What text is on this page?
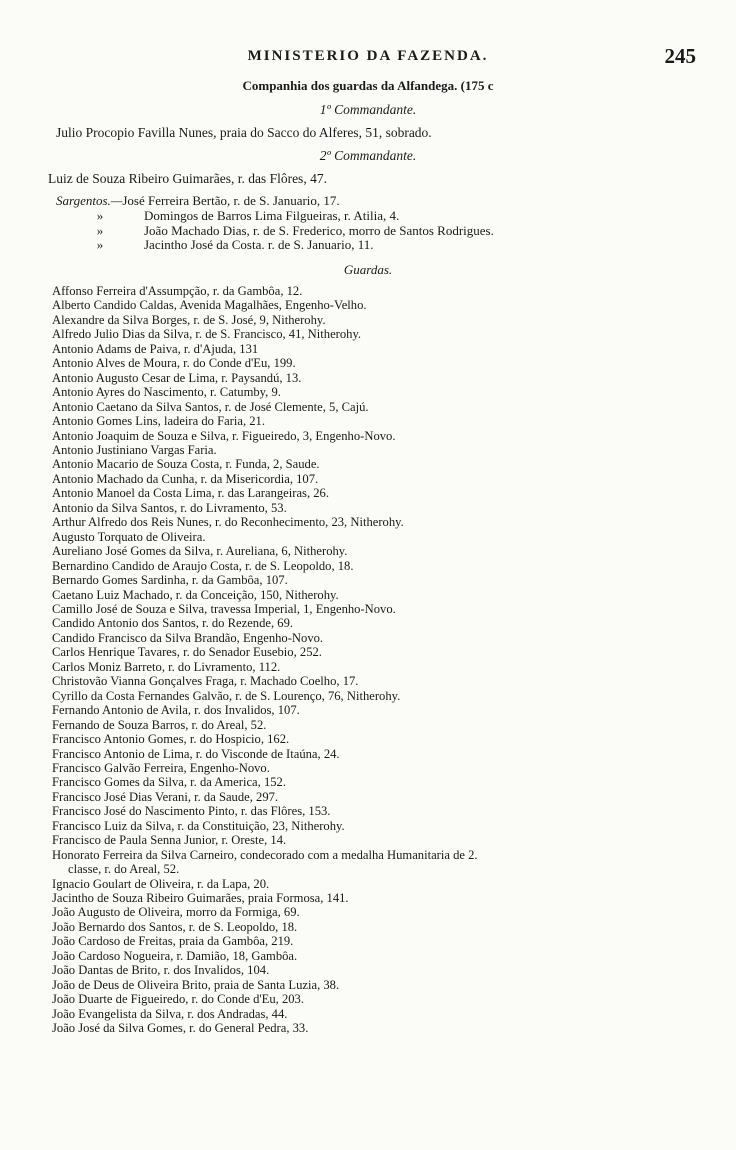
MINISTERIO DA FAZENDA.	245
Companhia dos guardas da Alfandega. (175 c
1º Commandante.
Julio Procopio Favilla Nunes, praia do Sacco do Alferes, 51, sobrado.
2º Commandante.
Luiz de Souza Ribeiro Guimarães, r. das Flôres, 47.
Sargentos.—José Ferreira Bertão, r. de S. Januario, 17.
»	Domingos de Barros Lima Filgueiras, r. Atilia, 4.
»	João Machado Dias, r. de S. Frederico, morro de Santos Rodrigues.
»	Jacintho José da Costa. r. de S. Januario, 11.
Guardas.
Affonso Ferreira d'Assumpção, r. da Gambôa, 12.
Alberto Candido Caldas, Avenida Magalhães, Engenho-Velho.
Alexandre da Silva Borges, r. de S. José, 9, Nitherohy.
Alfredo Julio Dias da Silva, r. de S. Francisco, 41, Nitherohy.
Antonio Adams de Paiva, r. d'Ajuda, 131
Antonio Alves de Moura, r. do Conde d'Eu, 199.
Antonio Augusto Cesar de Lima, r. Paysandú, 13.
Antonio Ayres do Nascimento, r. Catumby, 9.
Antonio Caetano da Silva Santos, r. de José Clemente, 5, Cajú.
Antonio Gomes Lins, ladeira do Faria, 21.
Antonio Joaquim de Souza e Silva, r. Figueiredo, 3, Engenho-Novo.
Antonio Justiniano Vargas Faria.
Antonio Macario de Souza Costa, r. Funda, 2, Saude.
Antonio Machado da Cunha, r. da Misericordia, 107.
Antonio Manoel da Costa Lima, r. das Larangeiras, 26.
Antonio da Silva Santos, r. do Livramento, 53.
Arthur Alfredo dos Reis Nunes, r. do Reconhecimento, 23, Nitherohy.
Augusto Torquato de Oliveira.
Aureliano José Gomes da Silva, r. Aureliana, 6, Nitherohy.
Bernardino Candido de Araujo Costa, r. de S. Leopoldo, 18.
Bernardo Gomes Sardinha, r. da Gambôa, 107.
Caetano Luiz Machado, r. da Conceição, 150, Nitherohy.
Camillo José de Souza e Silva, travessa Imperial, 1, Engenho-Novo.
Candido Antonio dos Santos, r. do Rezende, 69.
Candido Francisco da Silva Brandão, Engenho-Novo.
Carlos Henrique Tavares, r. do Senador Eusebio, 252.
Carlos Moniz Barreto, r. do Livramento, 112.
Christovão Vianna Gonçalves Fraga, r. Machado Coelho, 17.
Cyrillo da Costa Fernandes Galvão, r. de S. Lourenço, 76, Nitherohy.
Fernando Antonio de Avila, r. dos Invalidos, 107.
Fernando de Souza Barros, r. do Areal, 52.
Francisco Antonio Gomes, r. do Hospicio, 162.
Francisco Antonio de Lima, r. do Visconde de Itaúna, 24.
Francisco Galvão Ferreira, Engenho-Novo.
Francisco Gomes da Silva, r. da America, 152.
Francisco José Dias Verani, r. da Saude, 297.
Francisco José do Nascimento Pinto, r. das Flôres, 153.
Francisco Luiz da Silva, r. da Constituição, 23, Nitherohy.
Francisco de Paula Senna Junior, r. Oreste, 14.
Honorato Ferreira da Silva Carneiro, condecorado com a medalha Humanitaria de 2.
classe, r. do Areal, 52.
Ignacio Goulart de Oliveira, r. da Lapa, 20.
Jacintho de Souza Ribeiro Guimarães, praia Formosa, 141.
João Augusto de Oliveira, morro da Formiga, 69.
João Bernardo dos Santos, r. de S. Leopoldo, 18.
João Cardoso de Freitas, praia da Gambôa, 219.
João Cardoso Nogueira, r. Damião, 18, Gambôa.
João Dantas de Brito, r. dos Invalidos, 104.
João de Deus de Oliveira Brito, praia de Santa Luzia, 38.
João Duarte de Figueiredo, r. do Conde d'Eu, 203.
João Evangelista da Silva, r. dos Andradas, 44.
João José da Silva Gomes, r. do General Pedra, 33.
